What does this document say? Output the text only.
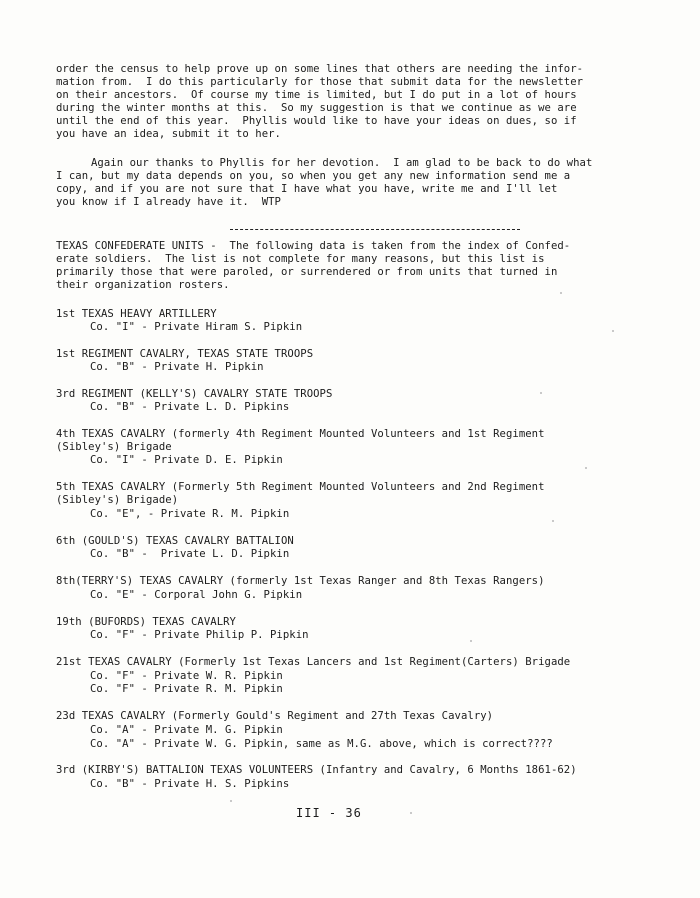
order the census to help prove up on some lines that others are needing the infor-
mation from.  I do this particularly for those that submit data for the newsletter
on their ancestors.  Of course my time is limited, but I do put in a lot of hours
during the winter months at this.  So my suggestion is that we continue as we are
until the end of this year.  Phyllis would like to have your ideas on dues, so if
you have an idea, submit it to her.
Again our thanks to Phyllis for her devotion.  I am glad to be back to do what
I can, but my data depends on you, so when you get any new information send me a
copy, and if you are not sure that I have what you have, write me and I'll let
you know if I already have it.  WTP
TEXAS CONFEDERATE UNITS -  The following data is taken from the index of Confed-
erate soldiers.  The list is not complete for many reasons, but this list is
primarily those that were paroled, or surrendered or from units that turned in
their organization rosters.
1st TEXAS HEAVY ARTILLERY
Co. "I" - Private Hiram S. Pipkin
1st REGIMENT CAVALRY, TEXAS STATE TROOPS
Co. "B" - Private H. Pipkin
3rd REGIMENT (KELLY'S) CAVALRY STATE TROOPS
Co. "B" - Private L. D. Pipkins
4th TEXAS CAVALRY (formerly 4th Regiment Mounted Volunteers and 1st Regiment
(Sibley's) Brigade
Co. "I" - Private D. E. Pipkin
5th TEXAS CAVALRY (Formerly 5th Regiment Mounted Volunteers and 2nd Regiment
(Sibley's) Brigade)
Co. "E", - Private R. M. Pipkin
6th (GOULD'S) TEXAS CAVALRY BATTALION
Co. "B" -  Private L. D. Pipkin
8th(TERRY'S) TEXAS CAVALRY (formerly 1st Texas Ranger and 8th Texas Rangers)
Co. "E" - Corporal John G. Pipkin
19th (BUFORDS) TEXAS CAVALRY
Co. "F" - Private Philip P. Pipkin
21st TEXAS CAVALRY (Formerly 1st Texas Lancers and 1st Regiment(Carters) Brigade
Co. "F" - Private W. R. Pipkin
Co. "F" - Private R. M. Pipkin
23d TEXAS CAVALRY (Formerly Gould's Regiment and 27th Texas Cavalry)
Co. "A" - Private M. G. Pipkin
Co. "A" - Private W. G. Pipkin, same as M.G. above, which is correct????
3rd (KIRBY'S) BATTALION TEXAS VOLUNTEERS (Infantry and Cavalry, 6 Months 1861-62)
Co. "B" - Private H. S. Pipkins
III - 36
